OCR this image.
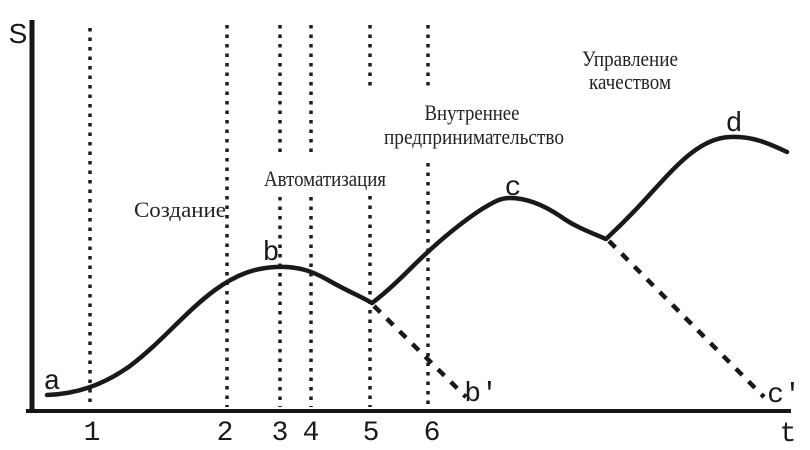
S
t
1	2 3 4 5 6
Создание
Автоматизация
Внутреннее
предпринимательство
Управление
качеством
a
b
c
d
b'	c'
